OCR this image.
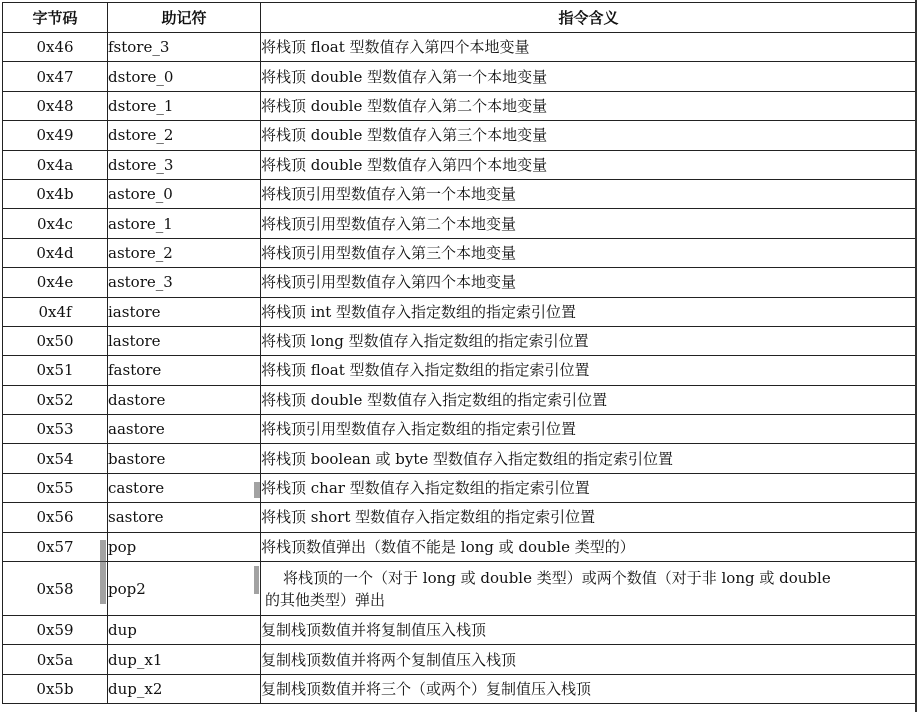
字节码	助记符	指令含义
0x46	fstore_3	将栈顶 float 型数值存入第四个本地变量
0x47	dstore_0	将栈顶 double 型数值存入第一个本地变量
0x48	dstore_1	将栈顶 double 型数值存入第二个本地变量
0x49	dstore_2	将栈顶 double 型数值存入第三个本地变量
0x4a	dstore_3	将栈顶 double 型数值存入第四个本地变量
0x4b	astore_0	将栈顶引用型数值存入第一个本地变量
0x4c	astore_1	将栈顶引用型数值存入第二个本地变量
0x4d	astore_2	将栈顶引用型数值存入第三个本地变量
0x4e	astore_3	将栈顶引用型数值存入第四个本地变量
0x4f	iastore	将栈顶 int 型数值存入指定数组的指定索引位置
0x50	lastore	将栈顶 long 型数值存入指定数组的指定索引位置
0x51	fastore	将栈顶 float 型数值存入指定数组的指定索引位置
0x52	dastore	将栈顶 double 型数值存入指定数组的指定索引位置
0x53	aastore	将栈顶引用型数值存入指定数组的指定索引位置
0x54	bastore	将栈顶 boolean 或 byte 型数值存入指定数组的指定索引位置
0x55	castore	将栈顶 char 型数值存入指定数组的指定索引位置
0x56	sastore	将栈顶 short 型数值存入指定数组的指定索引位置
0x57	pop	将栈顶数值弹出（数值不能是 long 或 double 类型的）
0x58	pop2	将栈顶的一个（对于 long 或 double 类型）或两个数值（对于非 long 或 double
的其他类型）弹出
0x59	dup	复制栈顶数值并将复制值压入栈顶
0x5a	dup_x1	复制栈顶数值并将两个复制值压入栈顶
0x5b	dup_x2	复制栈顶数值并将三个（或两个）复制值压入栈顶
